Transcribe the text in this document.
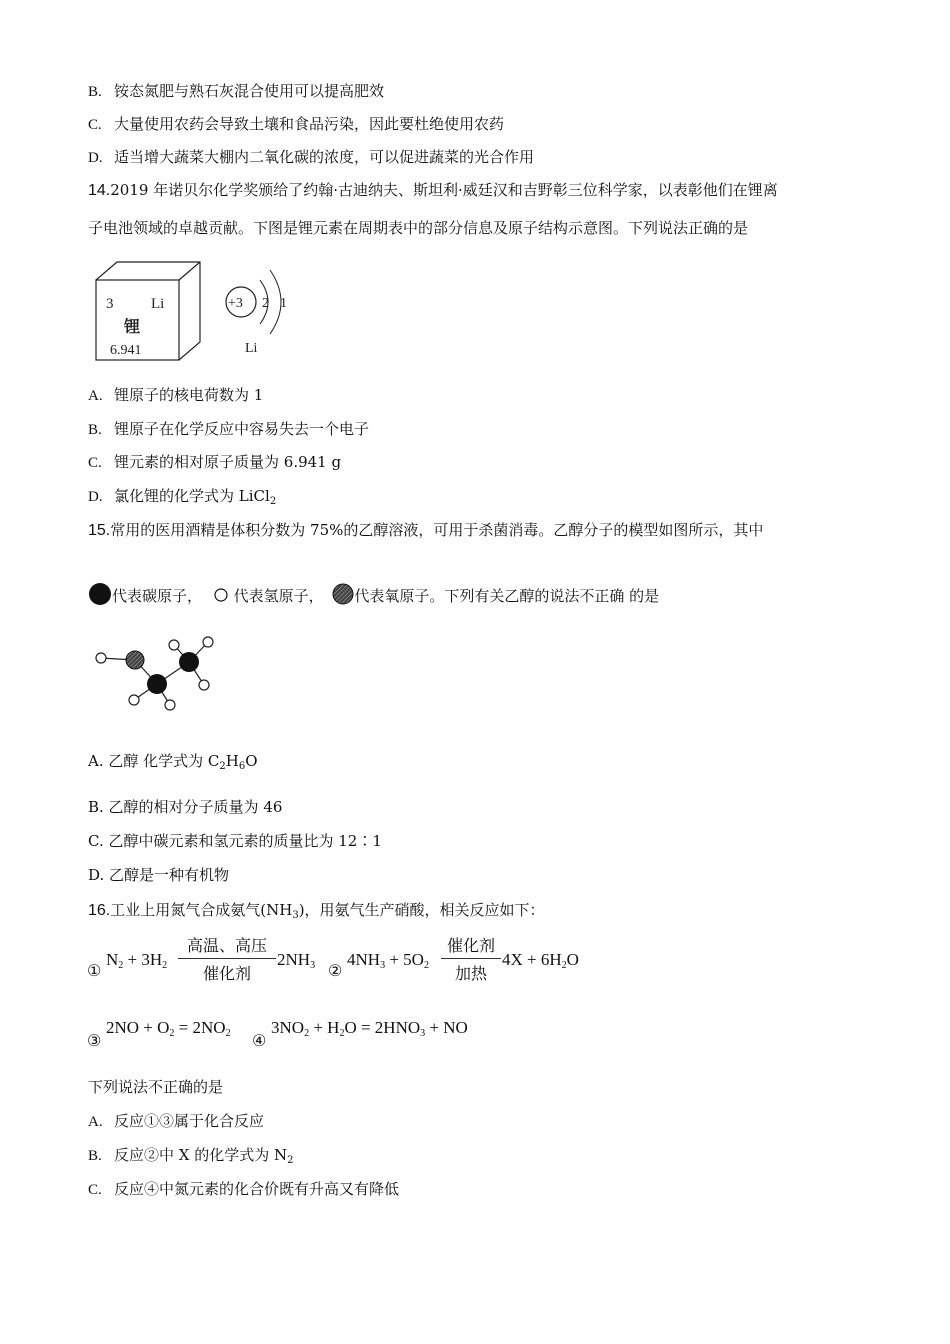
B. 铵态氮肥与熟石灰混合使用可以提高肥效
C. 大量使用农药会导致土壤和食品污染，因此要杜绝使用农药
D. 适当增大蔬菜大棚内二氧化碳的浓度，可以促进蔬菜的光合作用
14.2019 年诺贝尔化学奖颁给了约翰·古迪纳夫、斯坦利·威廷汉和吉野彰三位科学家，以表彰他们在锂离
子电池领域的卓越贡献。下图是锂元素在周期表中的部分信息及原子结构示意图。下列说法正确的是
3	Li
锂
6.941
+3 2 1
Li
A. 锂原子的核电荷数为 1
B. 锂原子在化学反应中容易失去一个电子
C. 锂元素的相对原子质量为 6.941 g
D. 氯化锂的化学式为 LiCl$_2$
15.常用的医用酒精是体积分数为 75%的乙醇溶液，可用于杀菌消毒。乙醇分子的模型如图所示，其中
代表碳原子， 代表氢原子， 代表氧原子。下列有关乙醇的说法不正确 的是
A. 乙醇 化学式为 $C_2H_6O$
B. 乙醇的相对分子质量为 46
C. 乙醇中碳元素和氢元素的质量比为 12∶1
D. 乙醇是一种有机物
16.工业上用氮气合成氨气$(NH_3)$，用氨气生产硝酸，相关反应如下：
①
$N_2 + 3H_2$
高温、高压
催化剂
$2NH_3$ ②
$4NH_3 + 5O_2$
催化剂
加热
$4X + 6H_2O$
③
$2NO + O_2 = 2NO_2$ ④
$3NO_2 + H_2O = 2HNO_3$ + NO
下列说法不正确的是
A. 反应①③属于化合反应
B. 反应②中 X 的化学式为 $N_2$
C. 反应④中氮元素的化合价既有升高又有降低
